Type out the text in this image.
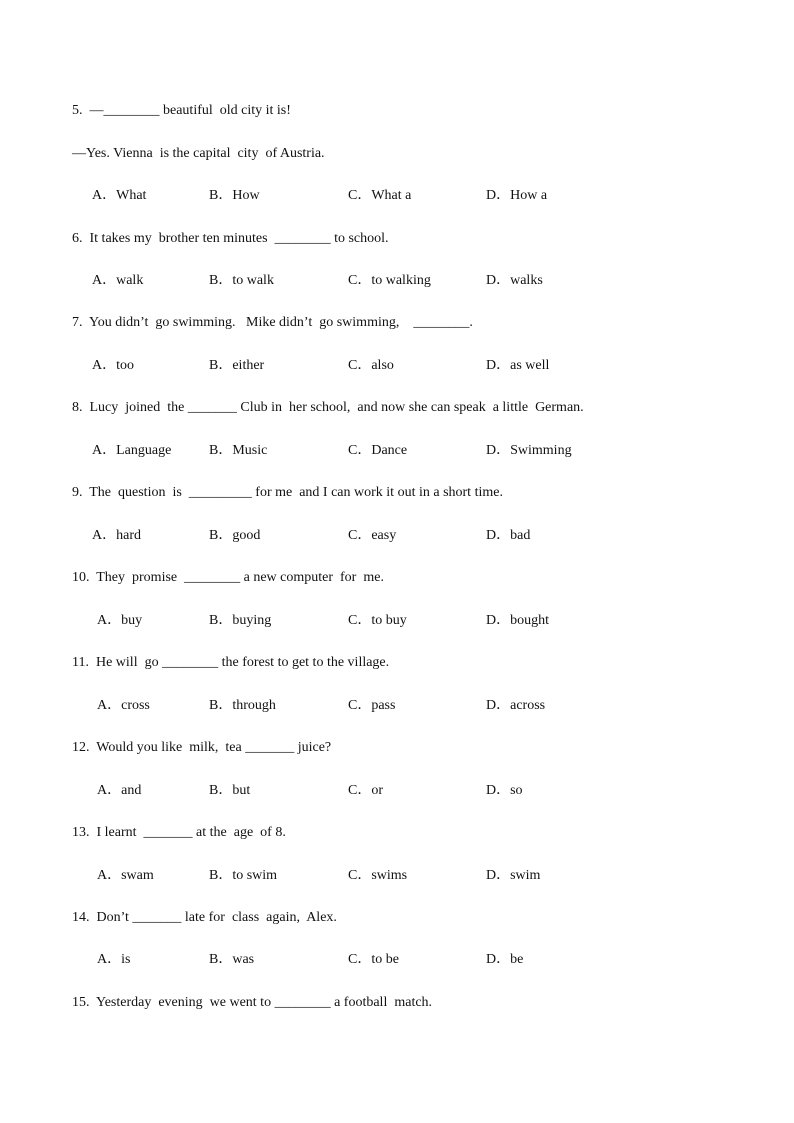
5.  —________ beautiful  old city it is!
—Yes. Vienna  is the capital  city  of Austria.
A．What	B．How	C．What a	D．How a
6.  It takes my  brother ten minutes  ________ to school.
A．walk	B．to walk	C．to walking	D．walks
7.  You didn’t  go swimming.   Mike didn’t  go swimming,    ________.
A．too	B．either	C．also	D．as well
8.  Lucy  joined  the _______ Club in  her school,  and now she can speak  a little  German.
A．Language	B．Music	C．Dance	D．Swimming
9.  The  question  is  _________ for me  and I can work it out in a short time.
A．hard	B．good	C．easy	D．bad
10.  They  promise  ________ a new computer  for  me.
A．buy	B．buying	C．to buy	D．bought
11.  He will  go ________ the forest to get to the village.
A．cross	B．through	C．pass	D．across
12.  Would you like  milk,  tea _______ juice?
A．and	B．but	C．or	D．so
13.  I learnt  _______ at the  age  of 8.
A．swam	B．to swim	C．swims	D．swim
14.  Don’t _______ late for  class  again,  Alex.
A．is	B．was	C．to be	D．be
15.  Yesterday  evening  we went to ________ a football  match.
